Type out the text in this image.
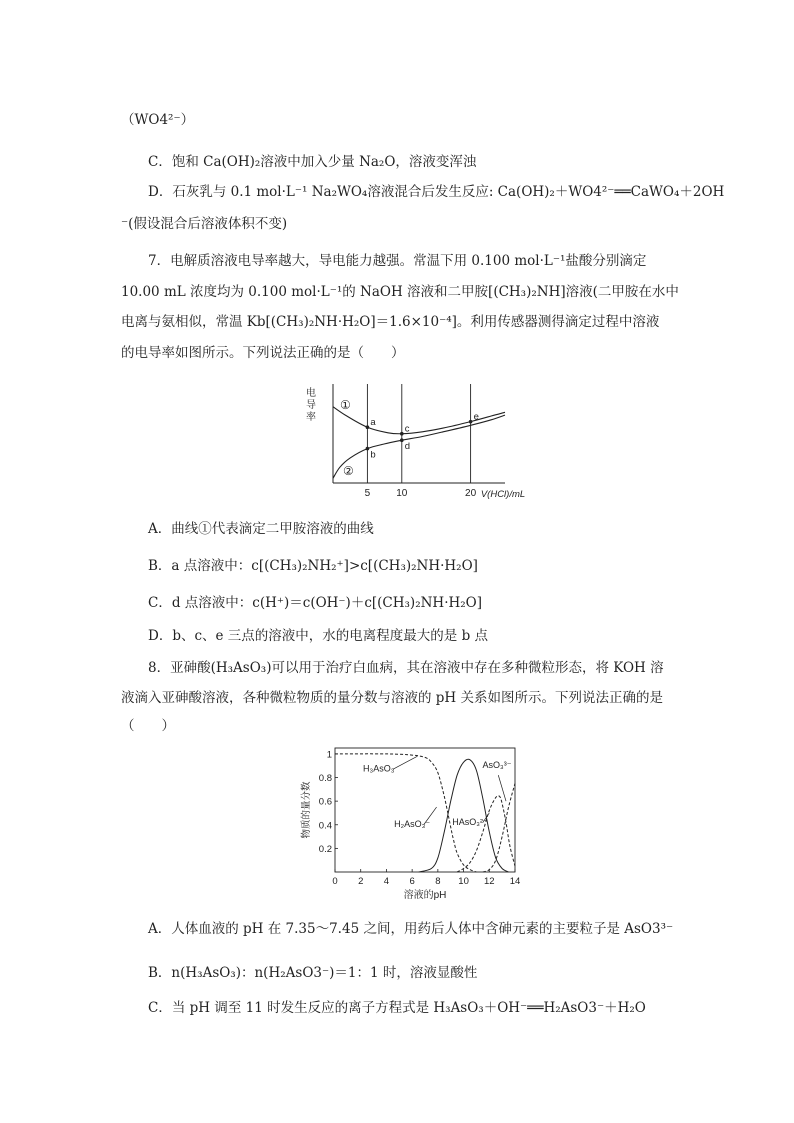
（WO4²⁻）
C．饱和 Ca(OH)₂溶液中加入少量 Na₂O，溶液变浑浊
D．石灰乳与 0.1 mol·L⁻¹ Na₂WO₄溶液混合后发生反应: Ca(OH)₂＋WO4²⁻══CaWO₄＋2OH
⁻(假设混合后溶液体积不变)
7．电解质溶液电导率越大，导电能力越强。常温下用 0.100 mol·L⁻¹盐酸分别滴定
10.00 mL 浓度均为 0.100 mol·L⁻¹的 NaOH 溶液和二甲胺[(CH₃)₂NH]溶液(二甲胺在水中
电离与氨相似，常温 Kb[(CH₃)₂NH·H₂O]＝1.6×10⁻⁴]。利用传感器测得滴定过程中溶液
的电导率如图所示。下列说法正确的是（　　）
A．曲线①代表滴定二甲胺溶液的曲线
B．a 点溶液中：c[(CH₃)₂NH₂⁺]>c[(CH₃)₂NH·H₂O]
C．d 点溶液中：c(H⁺)＝c(OH⁻)＋c[(CH₃)₂NH·H₂O]
D．b、c、e 三点的溶液中，水的电离程度最大的是 b 点
8．亚砷酸(H₃AsO₃)可以用于治疗白血病，其在溶液中存在多种微粒形态，将 KOH 溶
液滴入亚砷酸溶液，各种微粒物质的量分数与溶液的 pH 关系如图所示。下列说法正确的是
（　　）
A．人体血液的 pH 在 7.35～7.45 之间，用药后人体中含砷元素的主要粒子是 AsO3³⁻
B．n(H₃AsO₃)：n(H₂AsO3⁻)＝1：1 时，溶液显酸性
C．当 pH 调至 11 时发生反应的离子方程式是 H₃AsO₃＋OH⁻══H₂AsO3⁻＋H₂O
电导率
5	10	20 V(HCl)/mL
①
②
a
b
c
d
e
0.2
0.4
0.6
0.8
1
0 2 4 6 8 10 12 14
溶液的pH
物质的量分数
H₃AsO₃	AsO₃³⁻
H₂AsO₃⁻ HAsO₃²⁻
